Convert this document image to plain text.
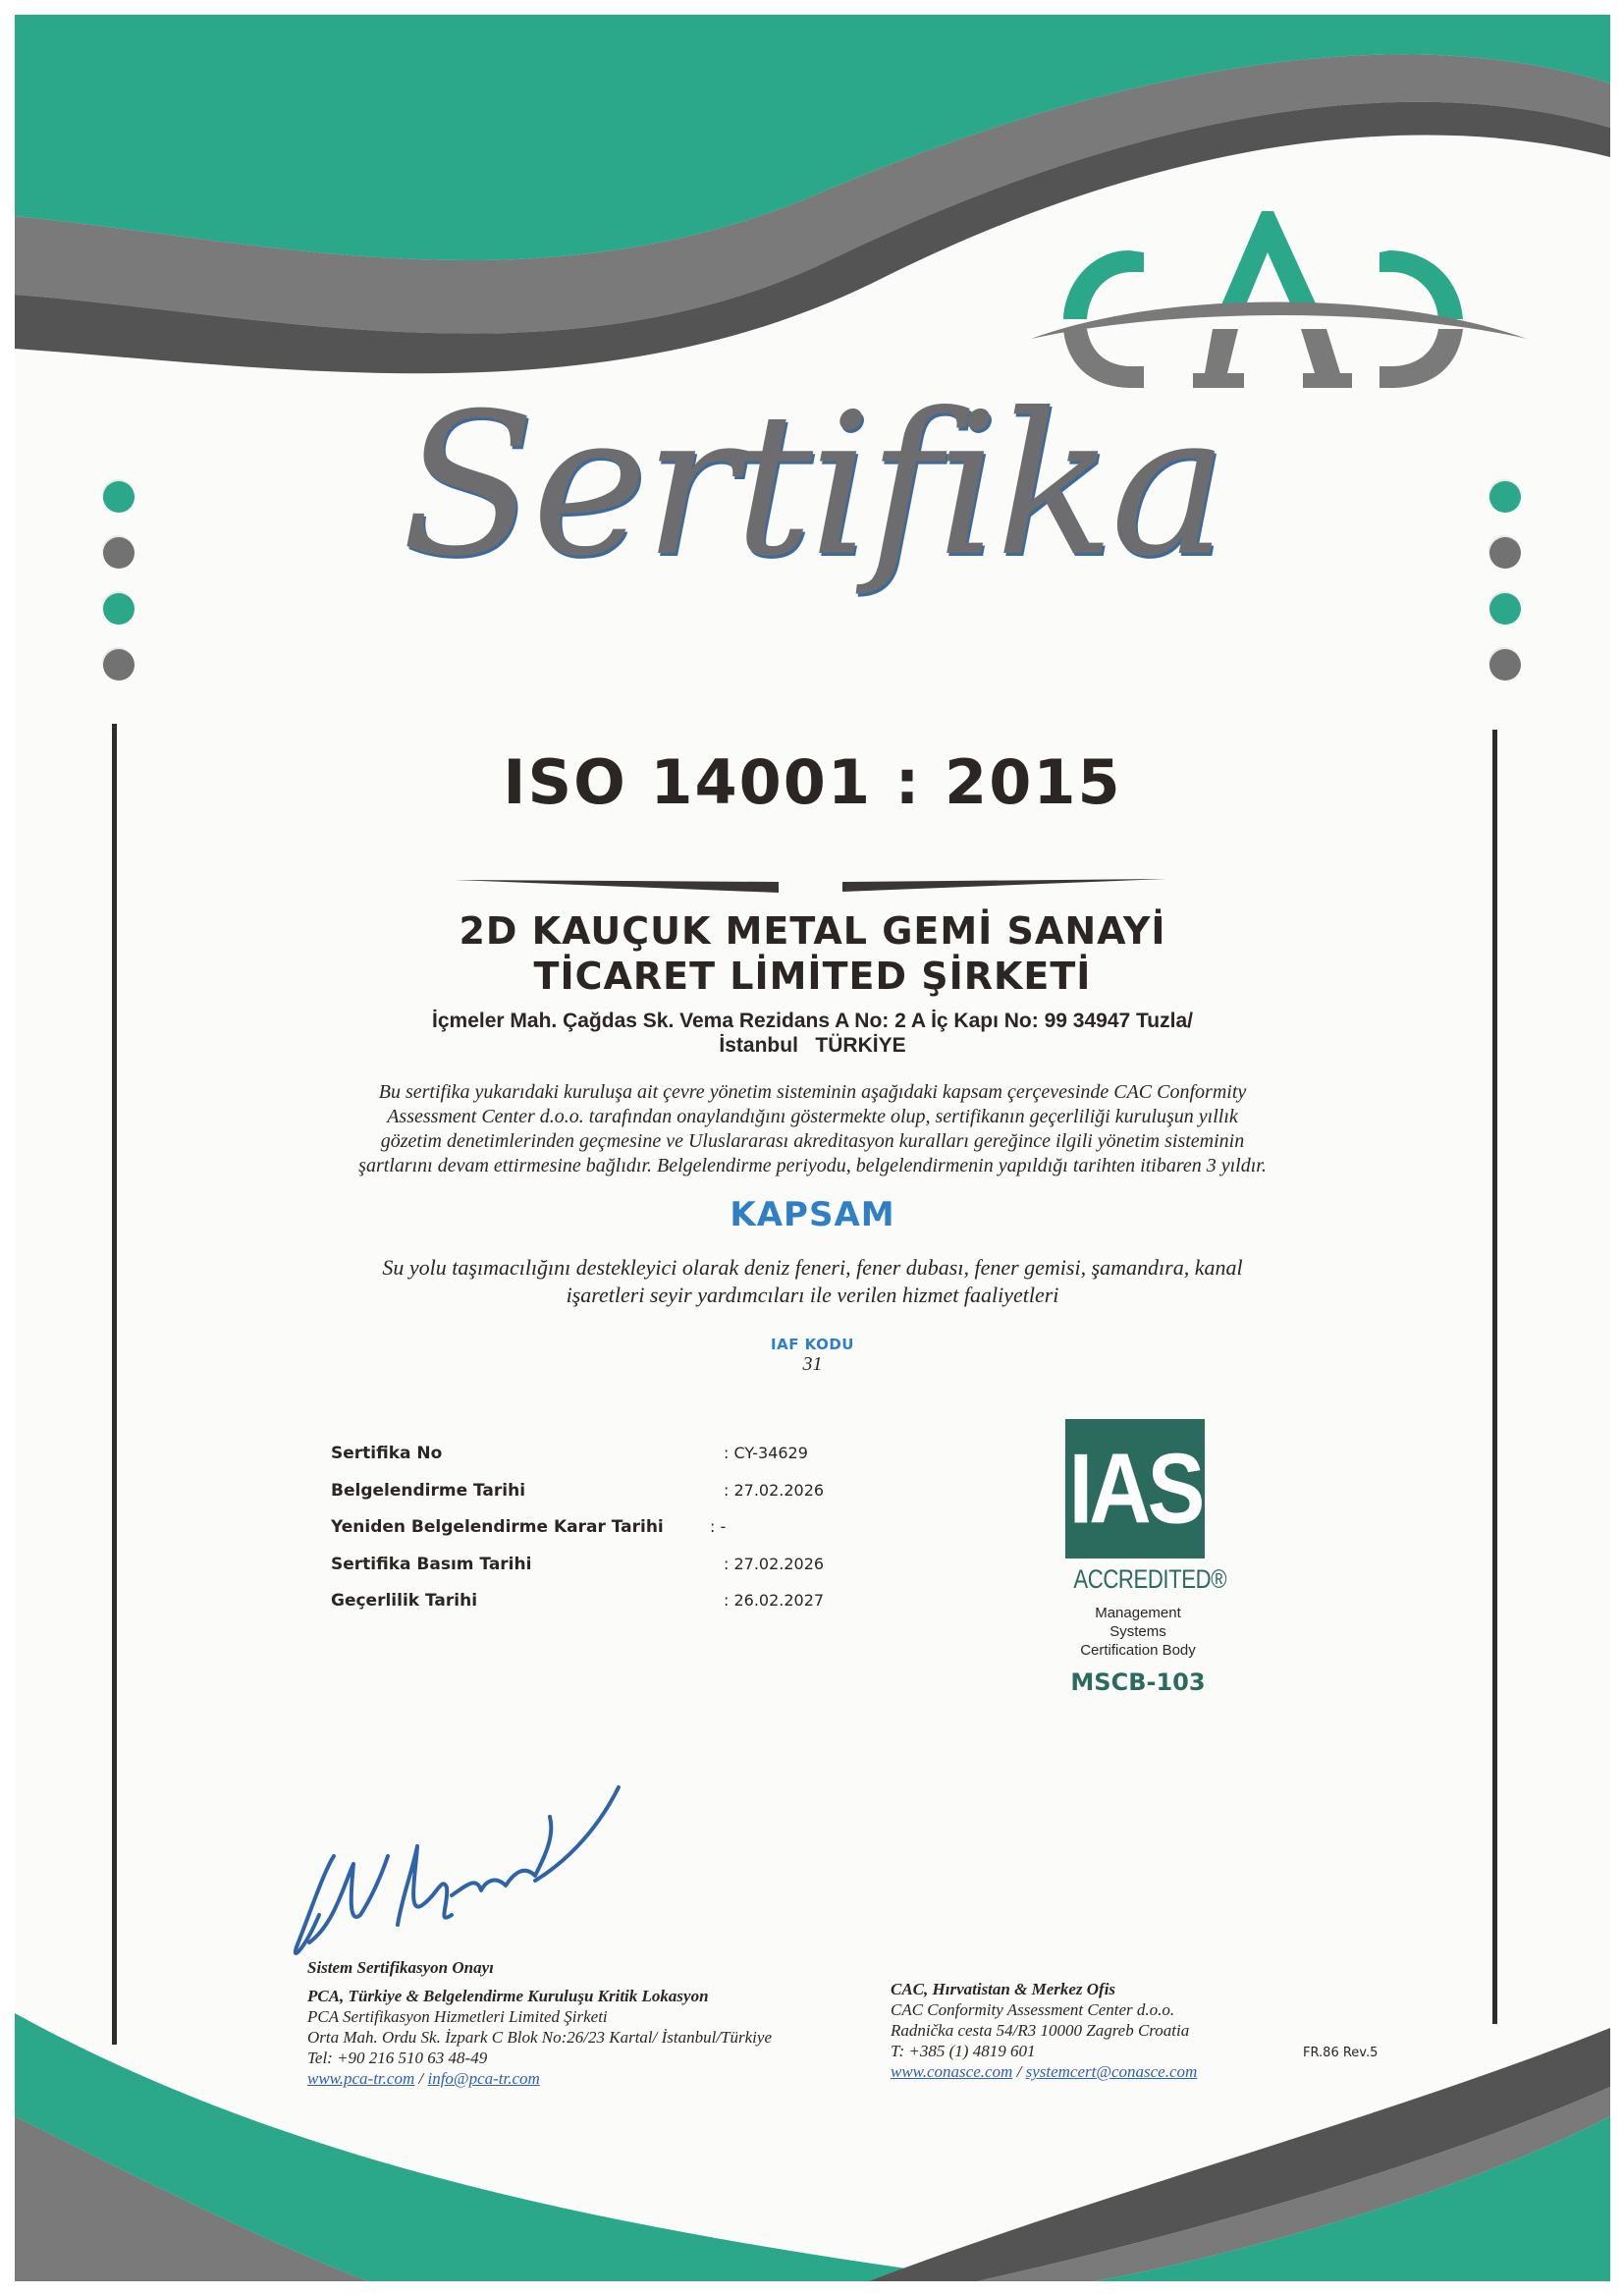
Sertifika
ISO 14001 : 2015
2D KAUÇUK METAL GEMİ SANAYİ
TİCARET LİMİTED ŞİRKETİ
İçmeler Mah. Çağdas Sk. Vema Rezidans A No: 2 A İç Kapı No: 99 34947 Tuzla/
İstanbul   TÜRKİYE
Bu sertifika yukarıdaki kuruluşa ait çevre yönetim sisteminin aşağıdaki kapsam çerçevesinde CAC Conformity
Assessment Center d.o.o. tarafından onaylandığını göstermekte olup, sertifikanın geçerliliği kuruluşun yıllık
gözetim denetimlerinden geçmesine ve Uluslararası akreditasyon kuralları gereğince ilgili yönetim sisteminin
şartlarını devam ettirmesine bağlıdır. Belgelendirme periyodu, belgelendirmenin yapıldığı tarihten itibaren 3 yıldır.
KAPSAM
Su yolu taşımacılığını destekleyici olarak deniz feneri, fener dubası, fener gemisi, şamandıra, kanal
işaretleri seyir yardımcıları ile verilen hizmet faaliyetleri
IAF KODU
31
Sertifika No	: CY-34629
Belgelendirme Tarihi	: 27.02.2026
Yeniden Belgelendirme Karar Tarihi	: -
Sertifika Basım Tarihi	: 27.02.2026
Geçerlilik Tarihi	: 26.02.2027
IAS
ACCREDITED®
Management
Systems
Certification Body
MSCB-103
Sistem Sertifikasyon Onayı
PCA, Türkiye & Belgelendirme Kuruluşu Kritik Lokasyon
PCA Sertifikasyon Hizmetleri Limited Şirketi
Orta Mah. Ordu Sk. İzpark C Blok No:26/23 Kartal/ İstanbul/Türkiye
Tel: +90 216 510 63 48-49
www.pca-tr.com / info@pca-tr.com
CAC, Hırvatistan & Merkez Ofis
CAC Conformity Assessment Center d.o.o.
Radnička cesta 54/R3 10000 Zagreb Croatia
T: +385 (1) 4819 601
www.conasce.com / systemcert@conasce.com
FR.86 Rev.5
